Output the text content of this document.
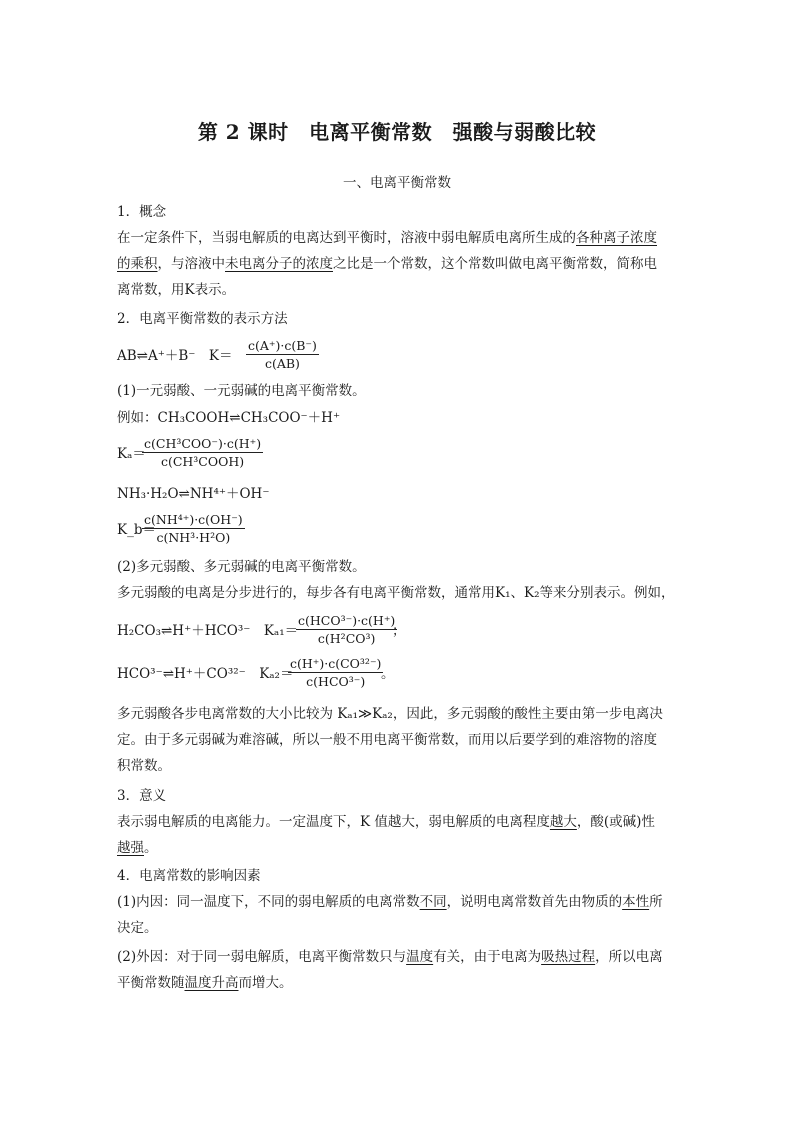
第 2 课时　电离平衡常数　强酸与弱酸比较
一、电离平衡常数
1．概念
在一定条件下，当弱电解质的电离达到平衡时，溶液中弱电解质电离所生成的各种离子浓度
的乘积，与溶液中未电离分子的浓度之比是一个常数，这个常数叫做电离平衡常数，简称电
离常数，用K表示。
2．电离平衡常数的表示方法
AB⇌A⁺＋B⁻　$K= \frac{c(A^+)\cdot c(B^-)}{c(AB)}$
(1)一元弱酸、一元弱碱的电离平衡常数。
例如：CH₃COOH⇌CH₃COO⁻＋H⁺
Kₐ＝
c(CH³COO⁻)·c(H⁺)
c(CH³COOH)
NH₃·H₂O⇌NH⁴⁺＋OH⁻
K_b＝
$\frac{\text{c(NH⁴⁺)·c(OH⁻)}}{\text{c(NH³·H²O)}}$
(2)多元弱酸、多元弱碱的电离平衡常数。
多元弱酸的电离是分步进行的，每步各有电离平衡常数，通常用K₁、K₂等来分别表示。例如，
H₂CO₃⇌H⁺＋HCO³⁻　Kₐ₁＝
c(HCO³⁻)·c(H⁺)
c(H²CO³)	；
HCO³⁻⇌H⁺＋CO³²⁻　Kₐ₂＝
c(H⁺)·c(CO³²⁻)
c(HCO³⁻)	。
多元弱酸各步电离常数的大小比较为 Kₐ₁≫Kₐ₂，因此，多元弱酸的酸性主要由第一步电离决
定。由于多元弱碱为难溶碱，所以一般不用电离平衡常数，而用以后要学到的难溶物的溶度
积常数。
3．意义
表示弱电解质的电离能力。一定温度下，K 值越大，弱电解质的电离程度越大，酸(或碱)性
越强。
4．电离常数的影响因素
(1)内因：同一温度下，不同的弱电解质的电离常数不同，说明电离常数首先由物质的本性所
决定。
(2)外因：对于同一弱电解质，电离平衡常数只与温度有关，由于电离为吸热过程，所以电离
平衡常数随温度升高而增大。
